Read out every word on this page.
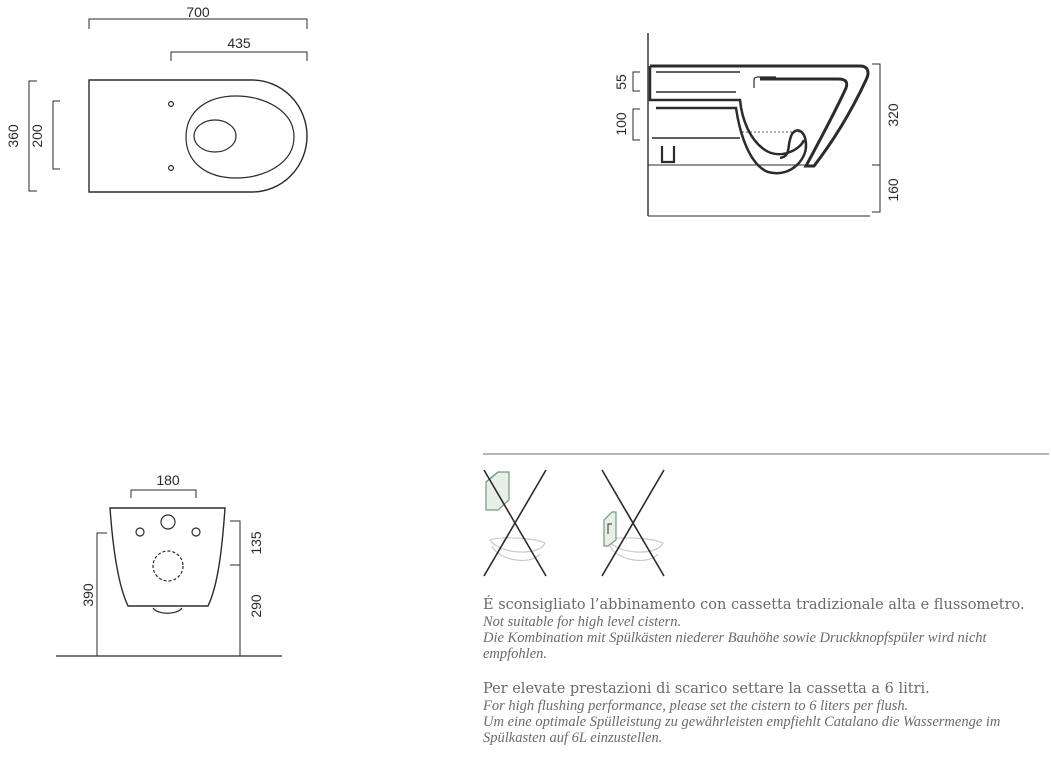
700
435
360 200
55
100	320
160
180
390
135
290	É sconsigliato l’abbinamento con cassetta tradizionale alta e flussometro.

Not suitable for high level cistern.

Die Kombination mit Spülkästen niederer Bauhöhe sowie Druckknopfspüler wird nicht empfohlen.

Per elevate prestazioni di scarico settare la cassetta a 6 litri.

For high flushing performance, please set the cistern to 6 liters per flush.

Um eine optimale Spülleistung zu gewährleisten empfiehlt Catalano die Wassermenge im Spülkasten auf 6L einzustellen.
